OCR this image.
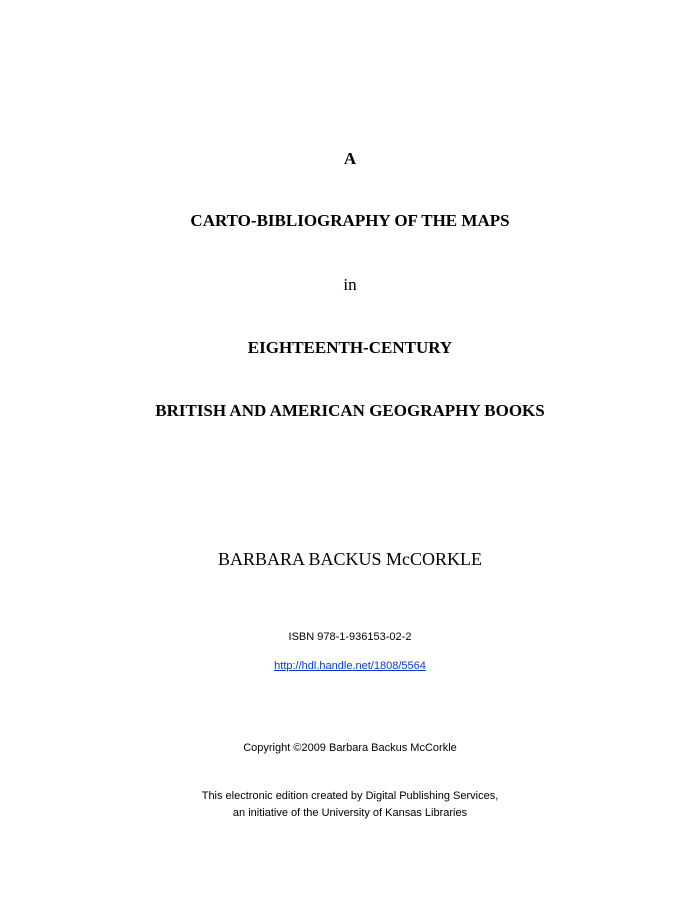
A
CARTO-BIBLIOGRAPHY OF THE MAPS
in
EIGHTEENTH-CENTURY
BRITISH AND AMERICAN GEOGRAPHY BOOKS
BARBARA BACKUS McCORKLE
ISBN 978-1-936153-02-2
http://hdl.handle.net/1808/5564
Copyright ©2009 Barbara Backus McCorkle
This electronic edition created by Digital Publishing Services,
an initiative of the University of Kansas Libraries
